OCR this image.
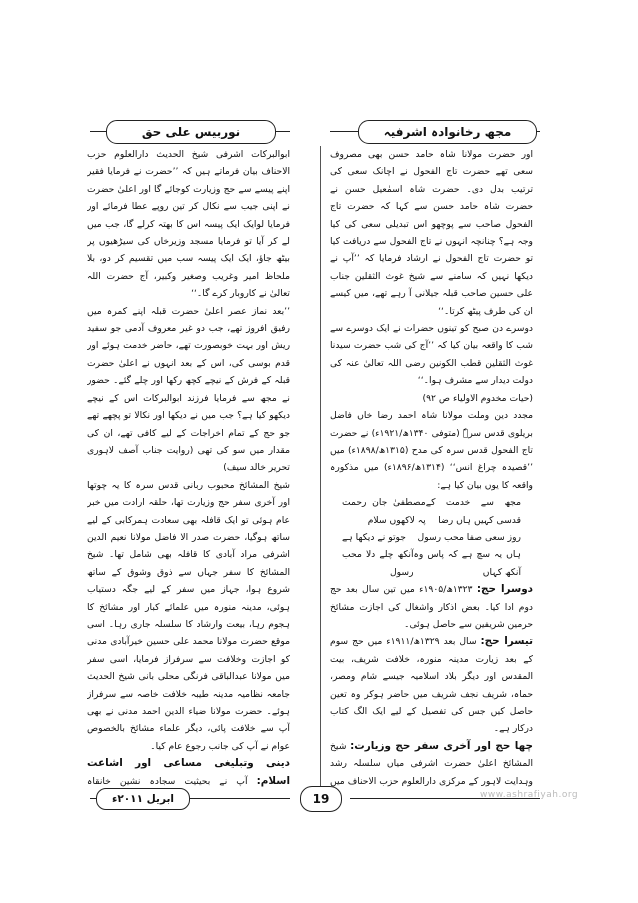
مجھ رخانوادہ اشرفیہ
نوربیس علی حق

اور حضرت مولانا شاہ حامد حسن بھی مصروف سعی تھے حضرت تاج الفحول نے اچانک سعی کی ترتیب بدل دی۔ حضرت شاہ اسمٰعیل حسن نے حضرت شاہ حامد حسن سے کہا کہ حضرت تاج الفحول صاحب سے پوچھو اس تبدیلی سعی کی کیا وجہ ہے؟ چنانچہ انہوں نے تاج الفحول سے دریافت کیا تو حضرت تاج الفحول نے ارشاد فرمایا کہ ’’آپ نے دیکھا نہیں کہ سامنے سے شیخ غوث الثقلین جناب علی حسین صاحب قبلہ جیلانی آ رہے تھے، میں کیسے ان کی طرف پیٹھ کرتا۔‘‘

دوسرے دن صبح کو تینوں حضرات نے ایک دوسرے سے شب کا واقعہ بیان کیا کہ ’’آج کی شب حضرت سیدنا غوث الثقلین قطب الکونین رضی اللہ تعالیٰ عنہ کی دولت دیدار سے مشرف ہوا۔‘‘

(حیات مخدوم الاولیاء ص ۹۲)

مجدد دین وملت مولانا شاہ احمد رضا خاں فاضل بریلوی قدس سرہٗ (متوفی ۱۳۴۰ھ/۱۹۲۱ء) نے حضرت تاج الفحول قدس سرہ کی مدح (۱۳۱۵ھ/۱۸۹۸ء) میں ’’قصیدہ چراغ انس‘‘ (۱۳۱۴ھ/۱۸۹۶ء) میں مذکورہ واقعہ کا یوں بیان کیا ہے:

مجھ سے خدمت کے قدسی کہیں ہاں رضا
مصطفیٰ جان رحمت پہ لاکھوں سلام
روز سعی صفا محب رسول
جوتو نے دیکھا ہے
ہاں یہ سچ ہے کہ پاس وہ آنکھ کہاں
آنکھ چلے دلا محب رسول

دوسرا حج: ۱۳۲۳ھ/۱۹۰۵ء میں تین سال بعد حج دوم ادا کیا۔ بعض اذکار واشغال کی اجازت مشائخ حرمین شریفین سے حاصل ہوئی۔

تیسرا حج: سال بعد ۱۳۲۹ھ/۱۹۱۱ء میں حج سوم کے بعد زیارت مدینہ منورہ، خلافت شریف، بیت المقدس اور دیگر بلاد اسلامیہ جیسے شام ومصر، حماہ، شریف نجف شریف میں حاضر ہوکر وہ تعین حاصل کیں جس کی تفصیل کے لیے ایک الگ کتاب درکار ہے۔

چھا حج اور آخری سفر حج وزیارت: شیخ المشائخ اعلیٰ حضرت اشرفی میاں سلسلہ رشد وہدایت لاہور کے مرکزی دارالعلوم حزب الاحناف میں

ابوالبرکات اشرفی شیخ الحدیث دارالعلوم حزب الاحناف بیان فرماتے ہیں کہ ’’حضرت نے فرمایا فقیر اپنے پیسے سے حج وزیارت کوجائے گا اور اعلیٰ حضرت نے اپنی جیب سے نکال کر تین روپے عطا فرمائے اور فرمایا لوایک ایک پیسہ اس کا بھتہ کرلے گا، جب میں لے کر آیا تو فرمایا مسجد وزیرخاں کی سیڑھیوں پر بیٹھ جاؤ، ایک ایک پیسہ سب میں تقسیم کر دو، بلا ملحاظ امیر وغریب وصغیر وکبیر، آج حضرت اللہ تعالیٰ نے کاروبار کرے گا۔‘‘

’’بعد نماز عصر اعلیٰ حضرت قبلہ اپنے کمرہ میں رفیق افروز تھے، جب دو غیر معروف آدمی جو سفید ریش اور بہت خوبصورت تھے، حاضر خدمت ہوئے اور قدم بوسی کی، اس کے بعد انہوں نے اعلیٰ حضرت قبلہ کے فرش کے نیچے کچھ رکھا اور چلے گئے۔ حضور نے مجھ سے فرمایا فرزند ابوالبرکات اس کے نیچے دیکھو کیا ہے؟ جب میں نے دیکھا اور نکالا تو پچھے تھے جو حج کے تمام اخراجات کے لیے کافی تھے، ان کی مقدار میں سو کی تھی (روایت جناب آصف لاہوری تحریر خالد سیف)

شیخ المشائخ محبوب ربانی قدس سرہ کا یہ چوتھا اور آخری سفر حج وزیارت تھا، حلقہ ارادت میں خبر عام ہوئی تو ایک قافلہ بھی سعادت ہمرکابی کے لیے ساتھ ہوگیا، حضرت صدر الا فاضل مولانا نعیم الدین اشرفی مراد آبادی کا قافلہ بھی شامل تھا۔ شیخ المشائخ کا سفر جہاں سے ذوق وشوق کے ساتھ شروع ہوا، جہاز میں سفر کے لیے جگہ دستیاب ہوئی، مدینہ منورہ میں علمائے کبار اور مشائخ کا ہجوم رہا، بیعت وارشاد کا سلسلہ جاری رہا۔ اسی موقع حضرت مولانا محمد علی حسین خیرآبادی مدنی کو اجازت وخلافت سے سرفراز فرمایا، اسی سفر میں مولانا عبدالباقی فرنگی محلی بانی شیخ الحدیث جامعہ نظامیہ مدینہ طیبہ خلافت خاصہ سے سرفراز ہوئے۔ حضرت مولانا ضیاء الدین احمد مدنی نے بھی آپ سے خلافت پائی، دیگر علماء مشائخ بالخصوص عوام نے آپ کی جانب رجوع عام کیا۔

دینی وتبلیغی مساعی اور اشاعت اسلام: آپ نے بحیثیت سجادہ نشین خانقاہ

ابریل ۲۰۱۱ء	19	www.ashrafiyah.org
